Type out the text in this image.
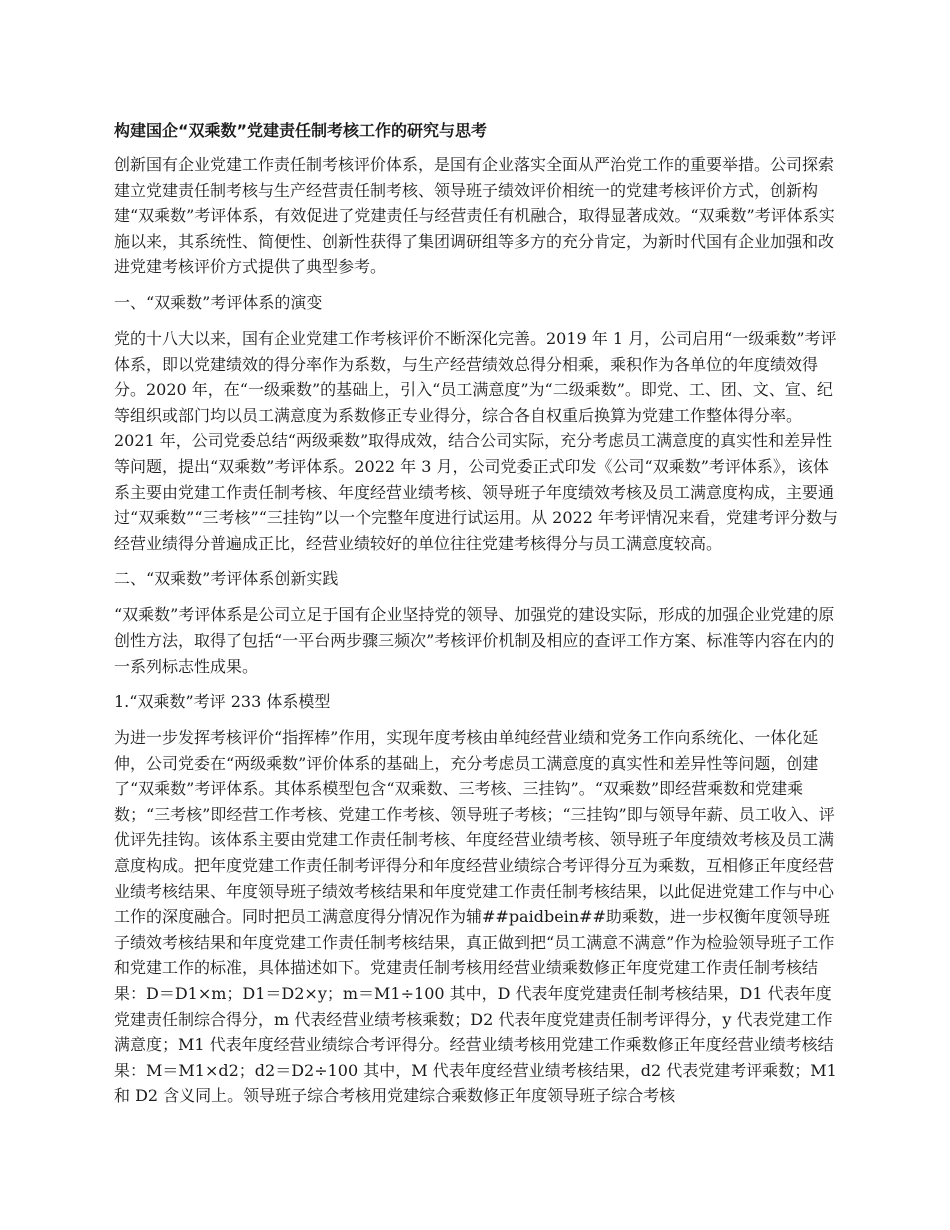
构建国企“双乘数”党建责任制考核工作的研究与思考

创新国有企业党建工作责任制考核评价体系，是国有企业落实全面从严治党工作的重要举措。公司探索建立党建责任制考核与生产经营责任制考核、领导班子绩效评价相统一的党建考核评价方式，创新构建“双乘数”考评体系，有效促进了党建责任与经营责任有机融合，取得显著成效。“双乘数”考评体系实施以来，其系统性、简便性、创新性获得了集团调研组等多方的充分肯定，为新时代国有企业加强和改进党建考核评价方式提供了典型参考。

一、“双乘数”考评体系的演变

党的十八大以来，国有企业党建工作考核评价不断深化完善。2019 年 1 月，公司启用“一级乘数”考评体系，即以党建绩效的得分率作为系数，与生产经营绩效总得分相乘，乘积作为各单位的年度绩效得分。2020 年，在“一级乘数”的基础上，引入“员工满意度”为“二级乘数”。即党、工、团、文、宣、纪等组织或部门均以员工满意度为系数修正专业得分，综合各自权重后换算为党建工作整体得分率。2021 年，公司党委总结“两级乘数”取得成效，结合公司实际，充分考虑员工满意度的真实性和差异性等问题，提出“双乘数”考评体系。2022 年 3 月，公司党委正式印发《公司“双乘数”考评体系》，该体系主要由党建工作责任制考核、年度经营业绩考核、领导班子年度绩效考核及员工满意度构成，主要通过“双乘数”“三考核”“三挂钩”以一个完整年度进行试运用。从 2022 年考评情况来看，党建考评分数与经营业绩得分普遍成正比，经营业绩较好的单位往往党建考核得分与员工满意度较高。

二、“双乘数”考评体系创新实践

“双乘数”考评体系是公司立足于国有企业坚持党的领导、加强党的建设实际，形成的加强企业党建的原创性方法，取得了包括“一平台两步骤三频次”考核评价机制及相应的查评工作方案、标准等内容在内的一系列标志性成果。

1.“双乘数”考评 233 体系模型

为进一步发挥考核评价“指挥棒”作用，实现年度考核由单纯经营业绩和党务工作向系统化、一体化延伸，公司党委在“两级乘数”评价体系的基础上，充分考虑员工满意度的真实性和差异性等问题，创建了“双乘数”考评体系。其体系模型包含“双乘数、三考核、三挂钩”。“双乘数”即经营乘数和党建乘数；“三考核”即经营工作考核、党建工作考核、领导班子考核；“三挂钩”即与领导年薪、员工收入、评优评先挂钩。该体系主要由党建工作责任制考核、年度经营业绩考核、领导班子年度绩效考核及员工满意度构成。把年度党建工作责任制考评得分和年度经营业绩综合考评得分互为乘数，互相修正年度经营业绩考核结果、年度领导班子绩效考核结果和年度党建工作责任制考核结果，以此促进党建工作与中心工作的深度融合。同时把员工满意度得分情况作为辅##paidbein##助乘数，进一步权衡年度领导班子绩效考核结果和年度党建工作责任制考核结果，真正做到把“员工满意不满意”作为检验领导班子工作和党建工作的标准，具体描述如下。党建责任制考核用经营业绩乘数修正年度党建工作责任制考核结果：D＝D1×m；D1＝D2×y；m＝M1÷100 其中，D 代表年度党建责任制考核结果，D1 代表年度党建责任制综合得分，m 代表经营业绩考核乘数；D2 代表年度党建责任制考评得分，y 代表党建工作满意度；M1 代表年度经营业绩综合考评得分。经营业绩考核用党建工作乘数修正年度经营业绩考核结果：M＝M1×d2；d2＝D2÷100 其中，M 代表年度经营业绩考核结果，d2 代表党建考评乘数；M1 和 D2 含义同上。领导班子综合考核用党建综合乘数修正年度领导班子综合考核
